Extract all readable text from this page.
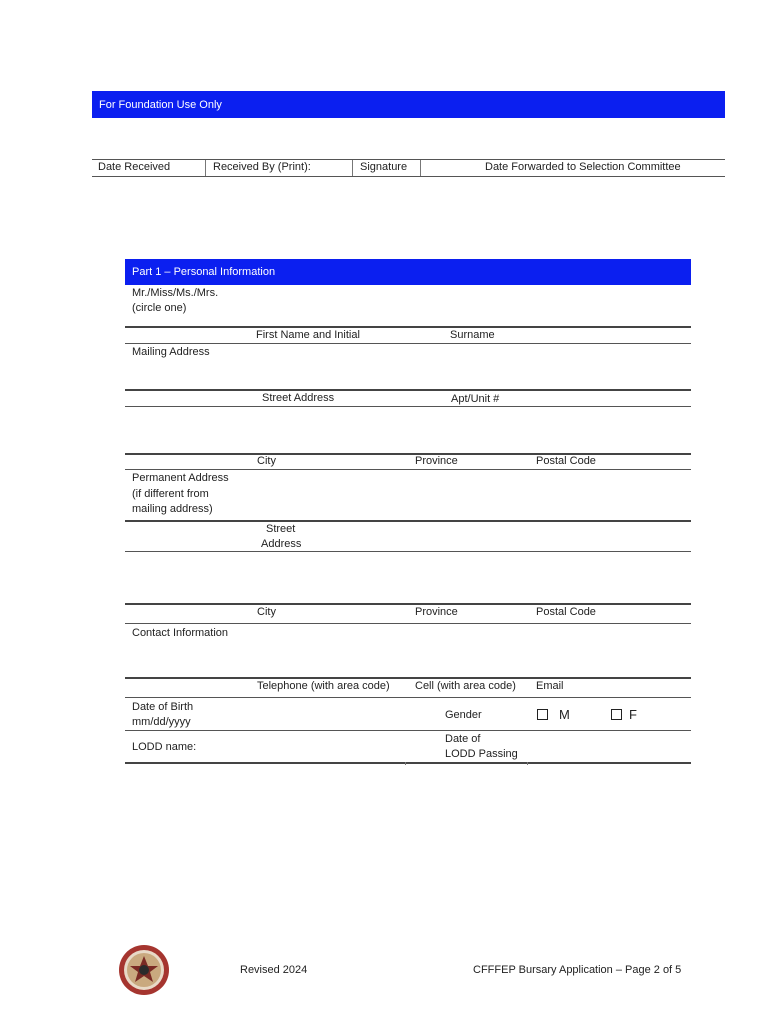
For Foundation Use Only
Date Received	Received By (Print):	Signature	Date Forwarded to Selection Committee
Part 1 – Personal Information
Mr./Miss/Ms./Mrs.
(circle one)
First Name and Initial	Surname
Mailing Address
Street Address	Apt/Unit #
City	Province	Postal Code
Permanent Address
(if different from
mailing address)
Street
Address
City	Province	Postal Code
Contact Information
Telephone (with area code) Cell (with area code) Email
Date of Birth
mm/dd/yyyy
Gender	M	F
LODD name:
Date of
LODD Passing
Revised 2024	CFFFEP Bursary Application – Page 2 of 5
